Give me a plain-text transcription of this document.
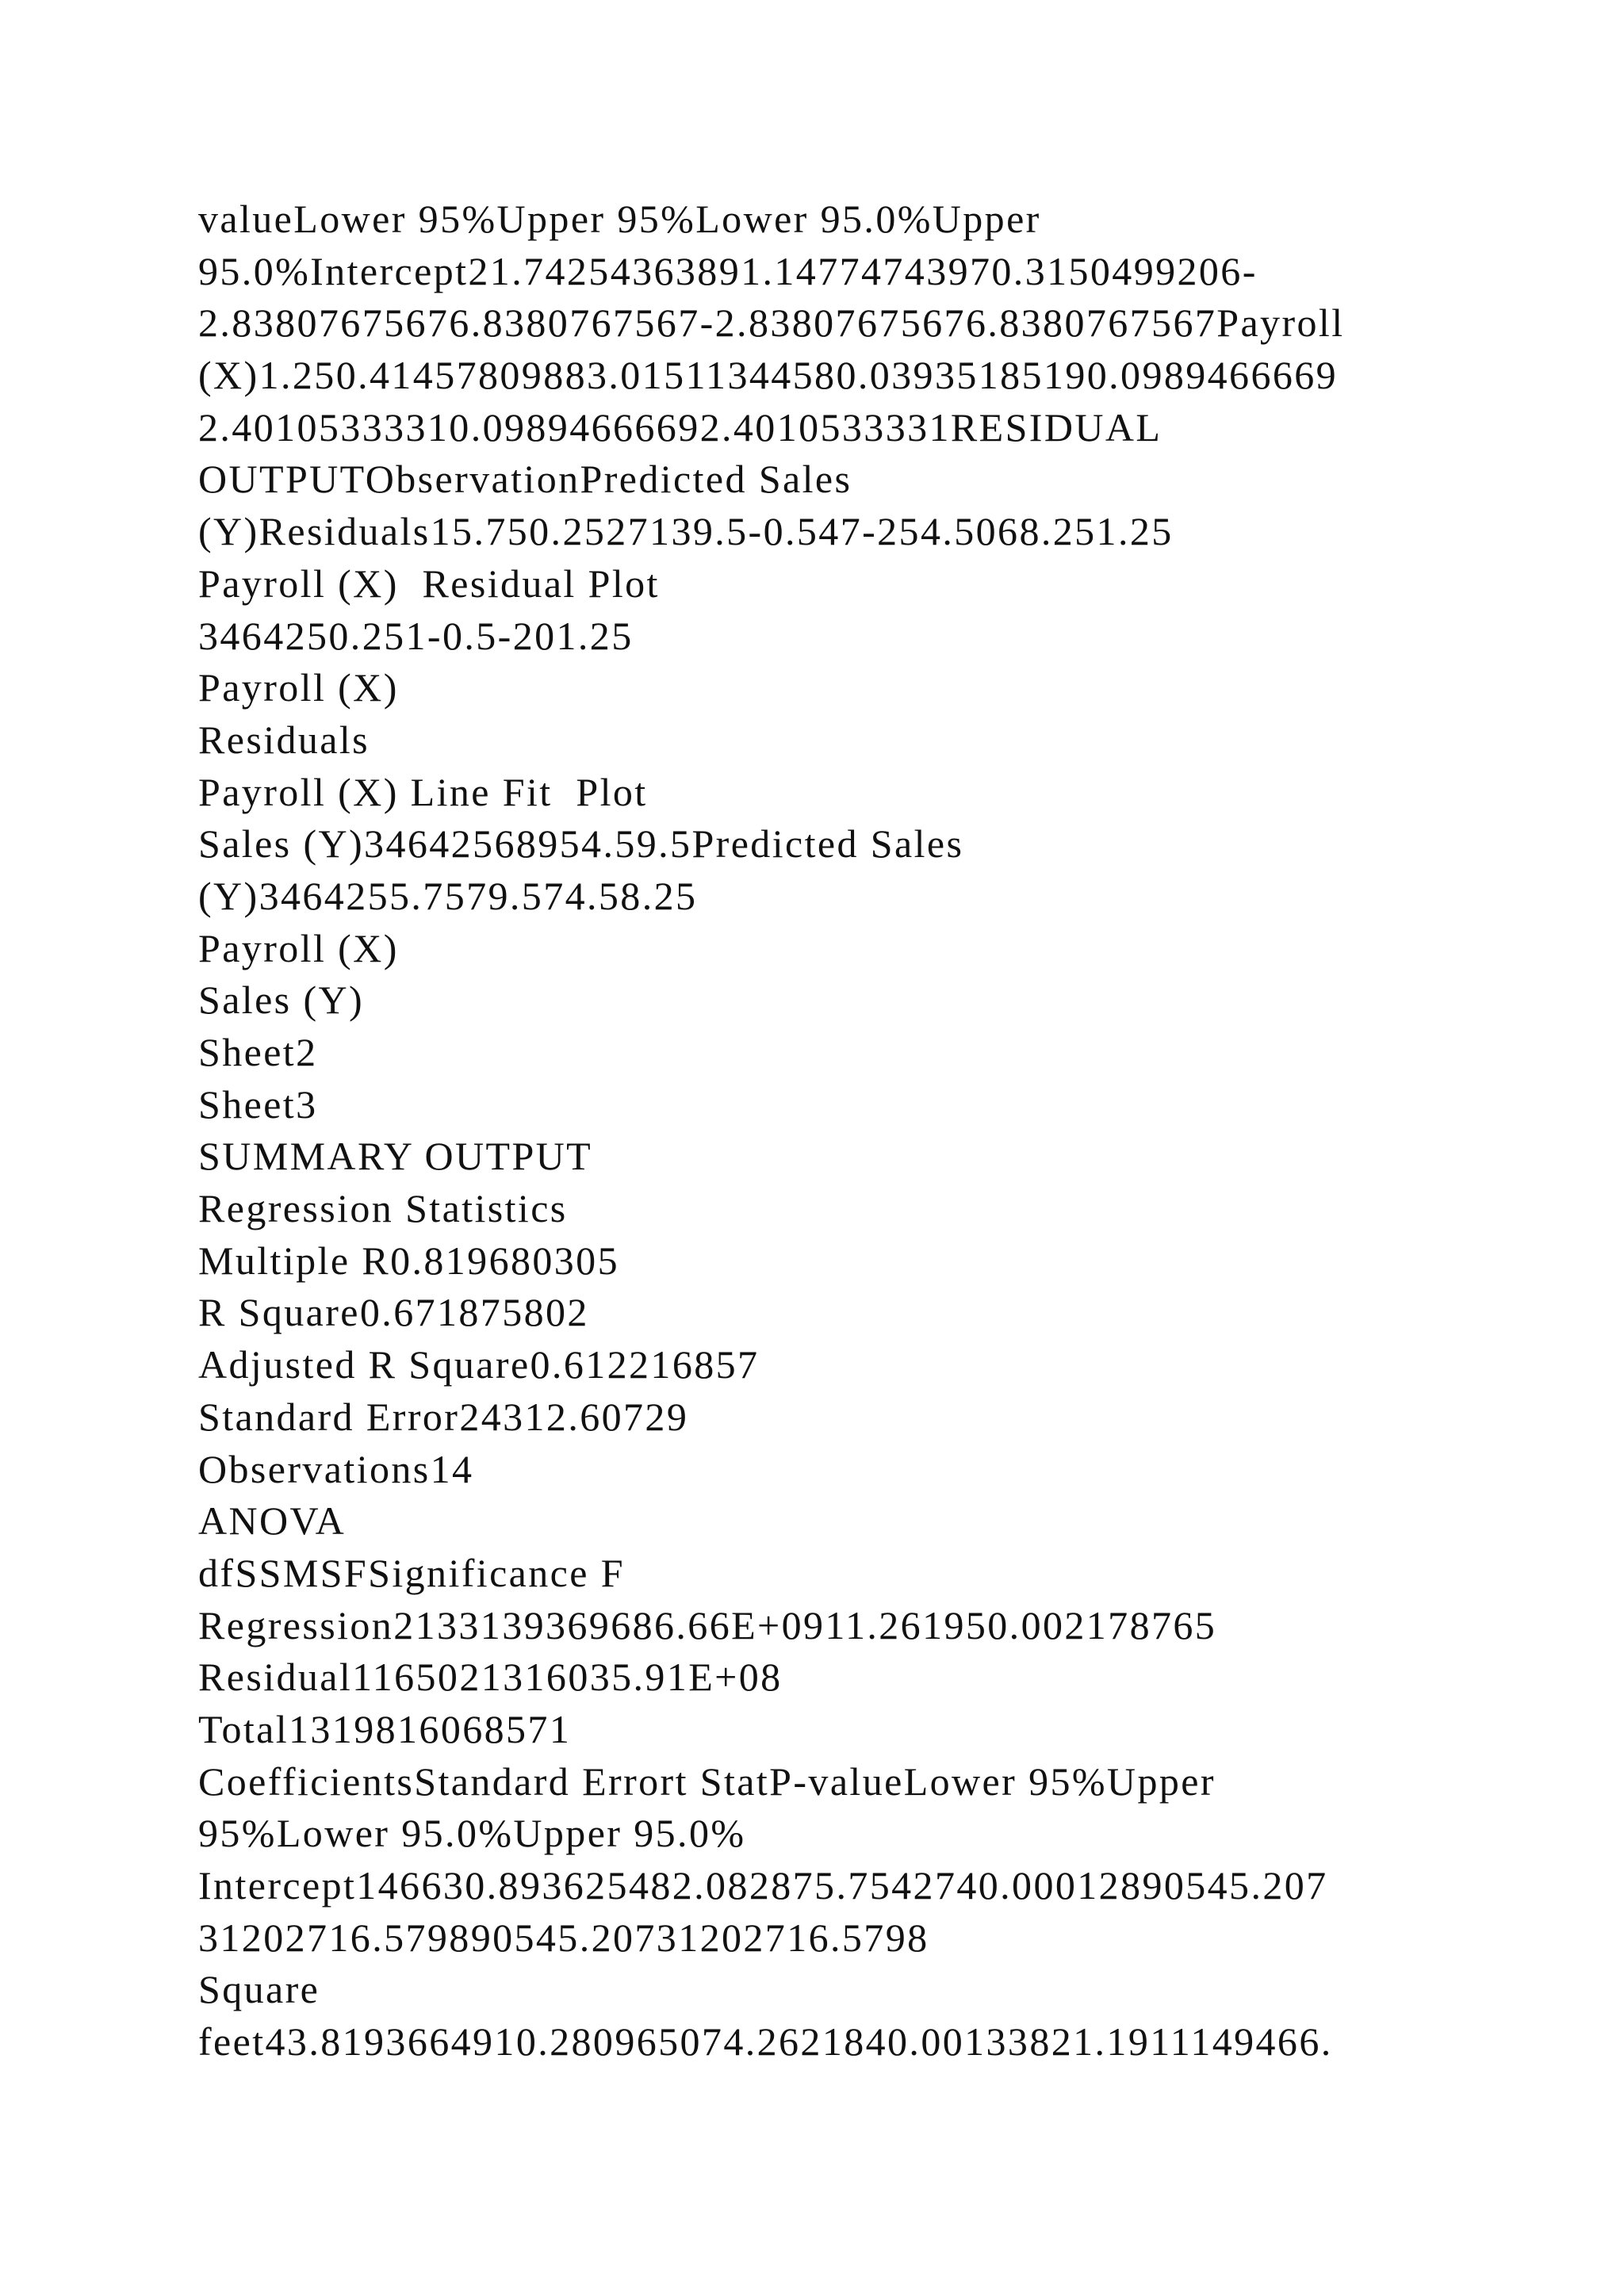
valueLower 95%Upper 95%Lower 95.0%Upper

95.0%Intercept21.74254363891.14774743970.3150499206-

2.83807675676.8380767567-2.83807675676.8380767567Payroll

(X)1.250.41457809883.01511344580.03935185190.0989466669

2.40105333310.09894666692.4010533331RESIDUAL

OUTPUTObservationPredicted Sales

(Y)Residuals15.750.2527139.5-0.547-254.5068.251.25

Payroll (X)  Residual Plot

3464250.251-0.5-201.25

Payroll (X)

Residuals

Payroll (X) Line Fit  Plot

Sales (Y)34642568954.59.5Predicted Sales

(Y)3464255.7579.574.58.25

Payroll (X)

Sales (Y)

Sheet2

Sheet3

SUMMARY OUTPUT

Regression Statistics

Multiple R0.819680305

R Square0.671875802

Adjusted R Square0.612216857

Standard Error24312.60729

Observations14

ANOVA

dfSSMSFSignificance F

Regression2133139369686.66E+0911.261950.002178765

Residual1165021316035.91E+08

Total1319816068571

CoefficientsStandard Errort StatP-valueLower 95%Upper

95%Lower 95.0%Upper 95.0%

Intercept146630.893625482.082875.7542740.00012890545.207

31202716.579890545.20731202716.5798

Square

feet43.8193664910.280965074.2621840.00133821.1911149466.
